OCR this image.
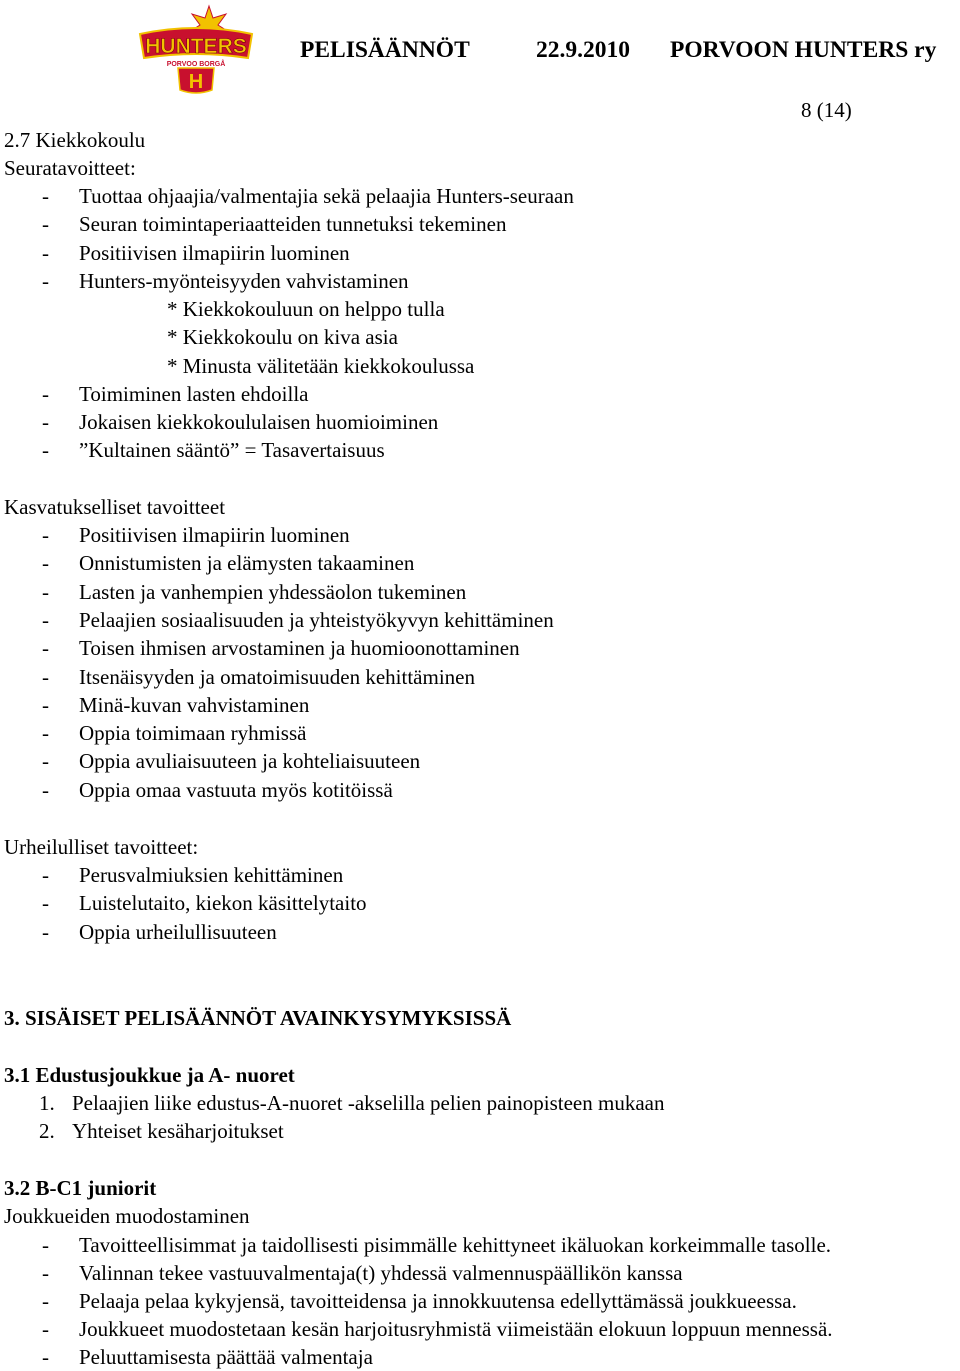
HUNTERS
PORVOO BORGÅ
H
PELISÄÄNNÖT	22.9.2010 PORVOON HUNTERS ry
8 (14)
2.7 Kiekkokoulu
Seuratavoitteet:
- Tuottaa ohjaajia/valmentajia sekä pelaajia Hunters-seuraan
- Seuran toimintaperiaatteiden tunnetuksi tekeminen
- Positiivisen ilmapiirin luominen
- Hunters-myönteisyyden vahvistaminen
* Kiekkokouluun on helppo tulla
* Kiekkokoulu on kiva asia
* Minusta välitetään kiekkokoulussa
- Toimiminen lasten ehdoilla
- Jokaisen kiekkokoululaisen huomioiminen
- ”Kultainen sääntö” = Tasavertaisuus
Kasvatukselliset tavoitteet
- Positiivisen ilmapiirin luominen
- Onnistumisten ja elämysten takaaminen
- Lasten ja vanhempien yhdessäolon tukeminen
- Pelaajien sosiaalisuuden ja yhteistyökyvyn kehittäminen
- Toisen ihmisen arvostaminen ja huomioonottaminen
- Itsenäisyyden ja omatoimisuuden kehittäminen
- Minä-kuvan vahvistaminen
- Oppia toimimaan ryhmissä
- Oppia avuliaisuuteen ja kohteliaisuuteen
- Oppia omaa vastuuta myös kotitöissä
Urheilulliset tavoitteet:
- Perusvalmiuksien kehittäminen
- Luistelutaito, kiekon käsittelytaito
- Oppia urheilullisuuteen
3. SISÄISET PELISÄÄNNÖT AVAINKYSYMYKSISSÄ
3.1 Edustusjoukkue ja A- nuoret
1. Pelaajien liike edustus-A-nuoret -akselilla pelien painopisteen mukaan
2. Yhteiset kesäharjoitukset
3.2 B-C1 juniorit
Joukkueiden muodostaminen
- Tavoitteellisimmat ja taidollisesti pisimmälle kehittyneet ikäluokan korkeimmalle tasolle.
- Valinnan tekee vastuuvalmentaja(t) yhdessä valmennuspäällikön kanssa
- Pelaaja pelaa kykyjensä, tavoitteidensa ja innokkuutensa edellyttämässä joukkueessa.
- Joukkueet muodostetaan kesän harjoitusryhmistä viimeistään elokuun loppuun mennessä.
- Peluuttamisesta päättää valmentaja
